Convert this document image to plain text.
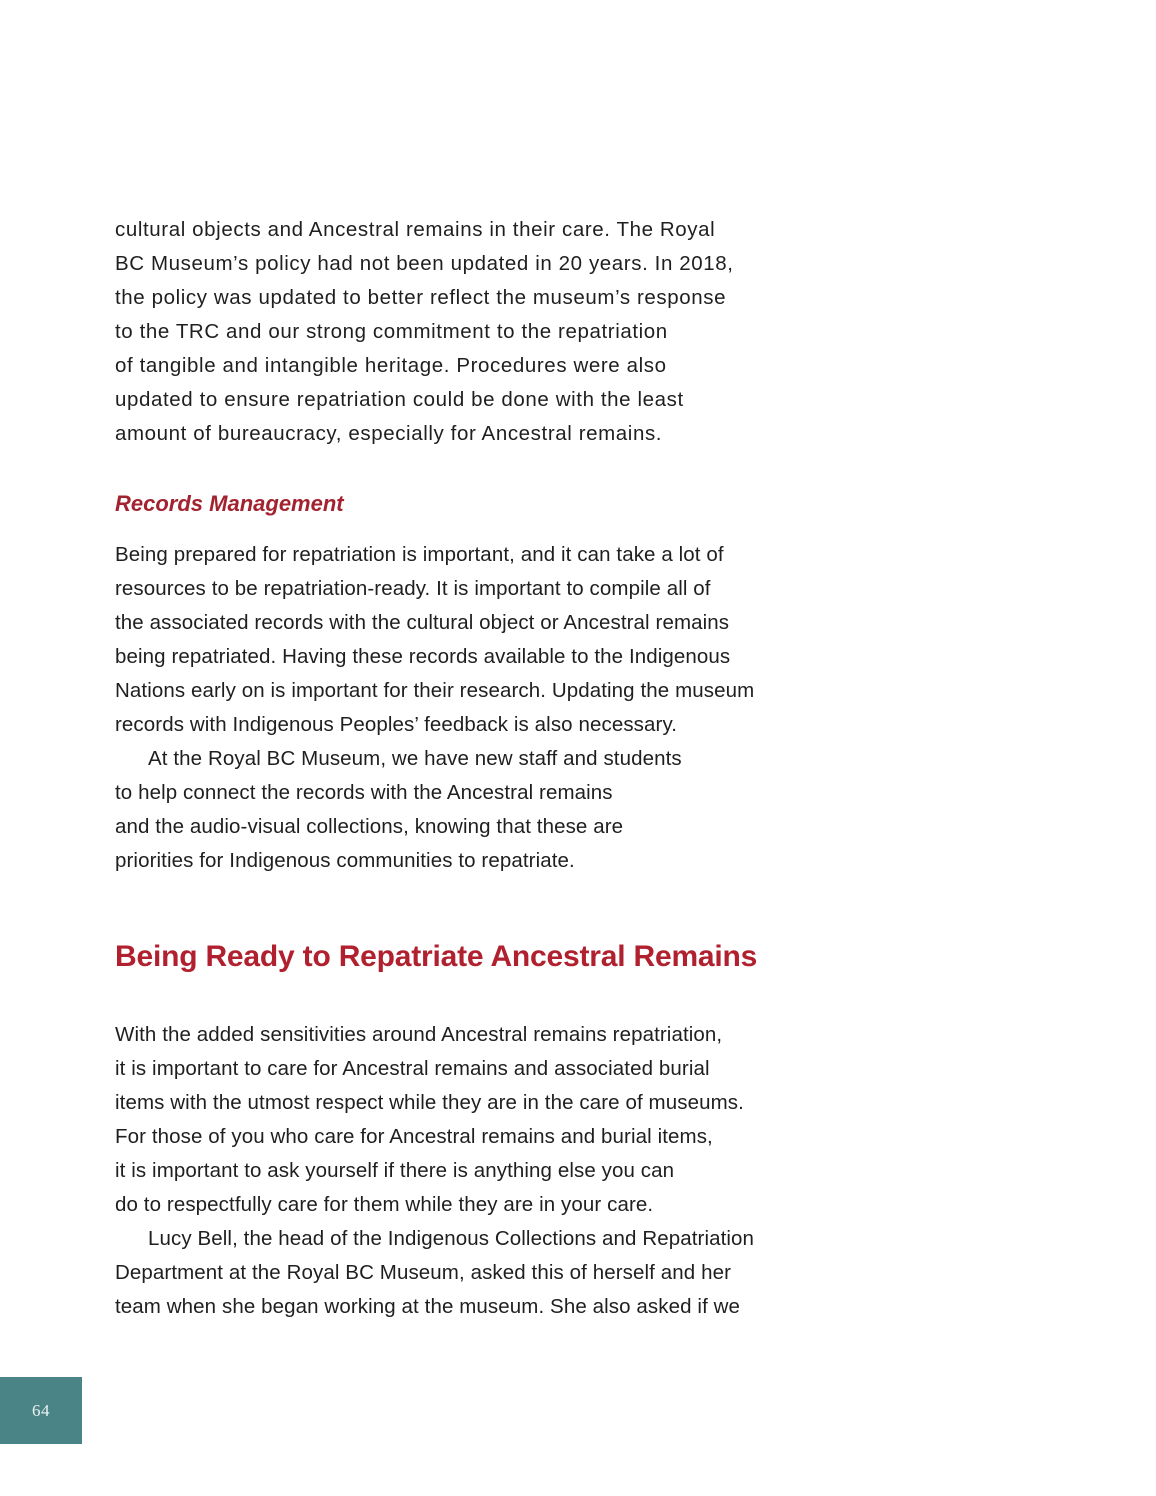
cultural objects and Ancestral remains in their care. The Royal
BC Museum’s policy had not been updated in 20 years. In 2018,
the policy was updated to better reflect the museum’s response
to the TRC and our strong commitment to the repatriation
of tangible and intangible heritage. Procedures were also
updated to ensure repatriation could be done with the least
amount of bureaucracy, especially for Ancestral remains.

Records Management

Being prepared for repatriation is important, and it can take a lot of
resources to be repatriation-ready. It is important to compile all of
the associated records with the cultural object or Ancestral remains
being repatriated. Having these records available to the Indigenous
Nations early on is important for their research. Updating the museum
records with Indigenous Peoples’ feedback is also necessary.

At the Royal BC Museum, we have new staff and students
to help connect the records with the Ancestral remains
and the audio-visual collections, knowing that these are
priorities for Indigenous communities to repatriate.

Being Ready to Repatriate Ancestral Remains

With the added sensitivities around Ancestral remains repatriation,
it is important to care for Ancestral remains and associated burial
items with the utmost respect while they are in the care of museums.
For those of you who care for Ancestral remains and burial items,
it is important to ask yourself if there is anything else you can
do to respectfully care for them while they are in your care.

Lucy Bell, the head of the Indigenous Collections and Repatriation
Department at the Royal BC Museum, asked this of herself and her
team when she began working at the museum. She also asked if we

64
